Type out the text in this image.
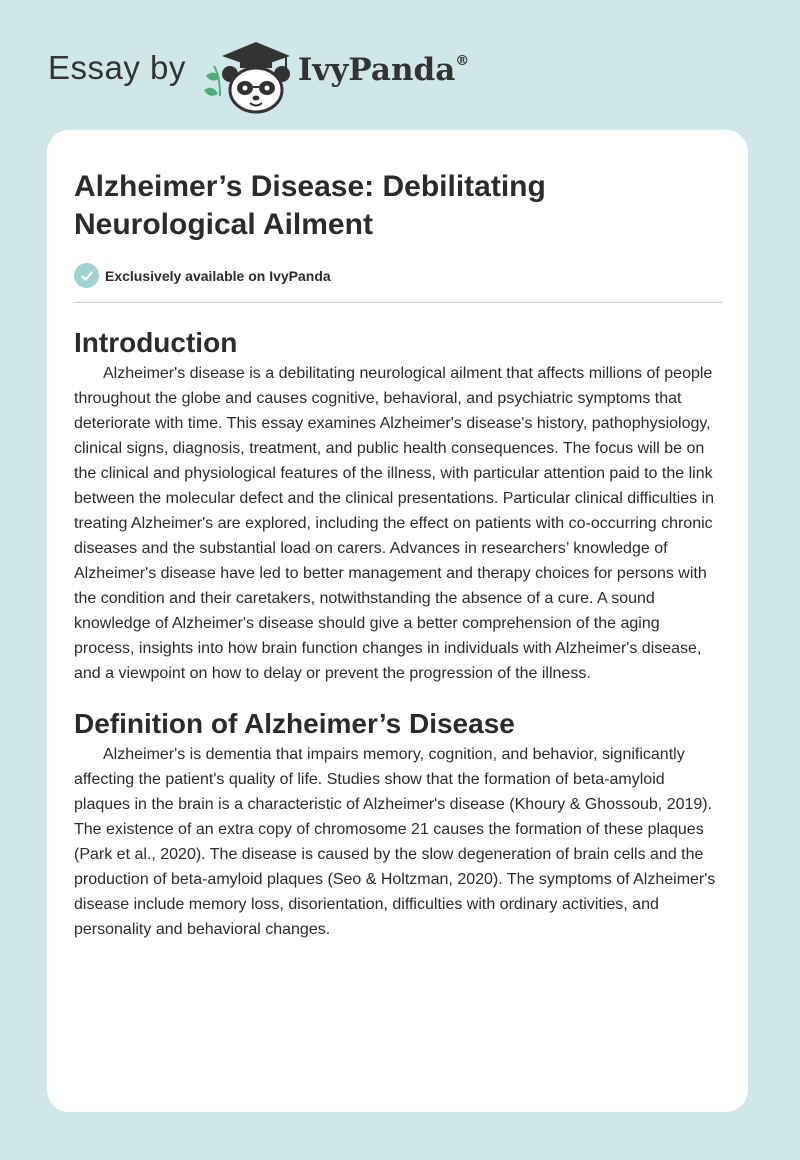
Essay by	IvyPanda®
Alzheimer’s Disease: Debilitating Neurological Ailment
Exclusively available on IvyPanda
Introduction

Alzheimer's disease is a debilitating neurological ailment that affects millions of people throughout the globe and causes cognitive, behavioral, and psychiatric symptoms that deteriorate with time. This essay examines Alzheimer's disease's history, pathophysiology, clinical signs, diagnosis, treatment, and public health consequences. The focus will be on the clinical and physiological features of the illness, with particular attention paid to the link between the molecular defect and the clinical presentations. Particular clinical difficulties in treating Alzheimer's are explored, including the effect on patients with co-occurring chronic diseases and the substantial load on carers. Advances in researchers’ knowledge of Alzheimer's disease have led to better management and therapy choices for persons with the condition and their caretakers, notwithstanding the absence of a cure. A sound knowledge of Alzheimer's disease should give a better comprehension of the aging process, insights into how brain function changes in individuals with Alzheimer's disease, and a viewpoint on how to delay or prevent the progression of the illness.

Definition of Alzheimer’s Disease

Alzheimer's is dementia that impairs memory, cognition, and behavior, significantly affecting the patient's quality of life. Studies show that the formation of beta-amyloid plaques in the brain is a characteristic of Alzheimer's disease (Khoury & Ghossoub, 2019). The existence of an extra copy of chromosome 21 causes the formation of these plaques (Park et al., 2020). The disease is caused by the slow degeneration of brain cells and the production of beta-amyloid plaques (Seo & Holtzman, 2020). The symptoms of Alzheimer's disease include memory loss, disorientation, difficulties with ordinary activities, and personality and behavioral changes.
